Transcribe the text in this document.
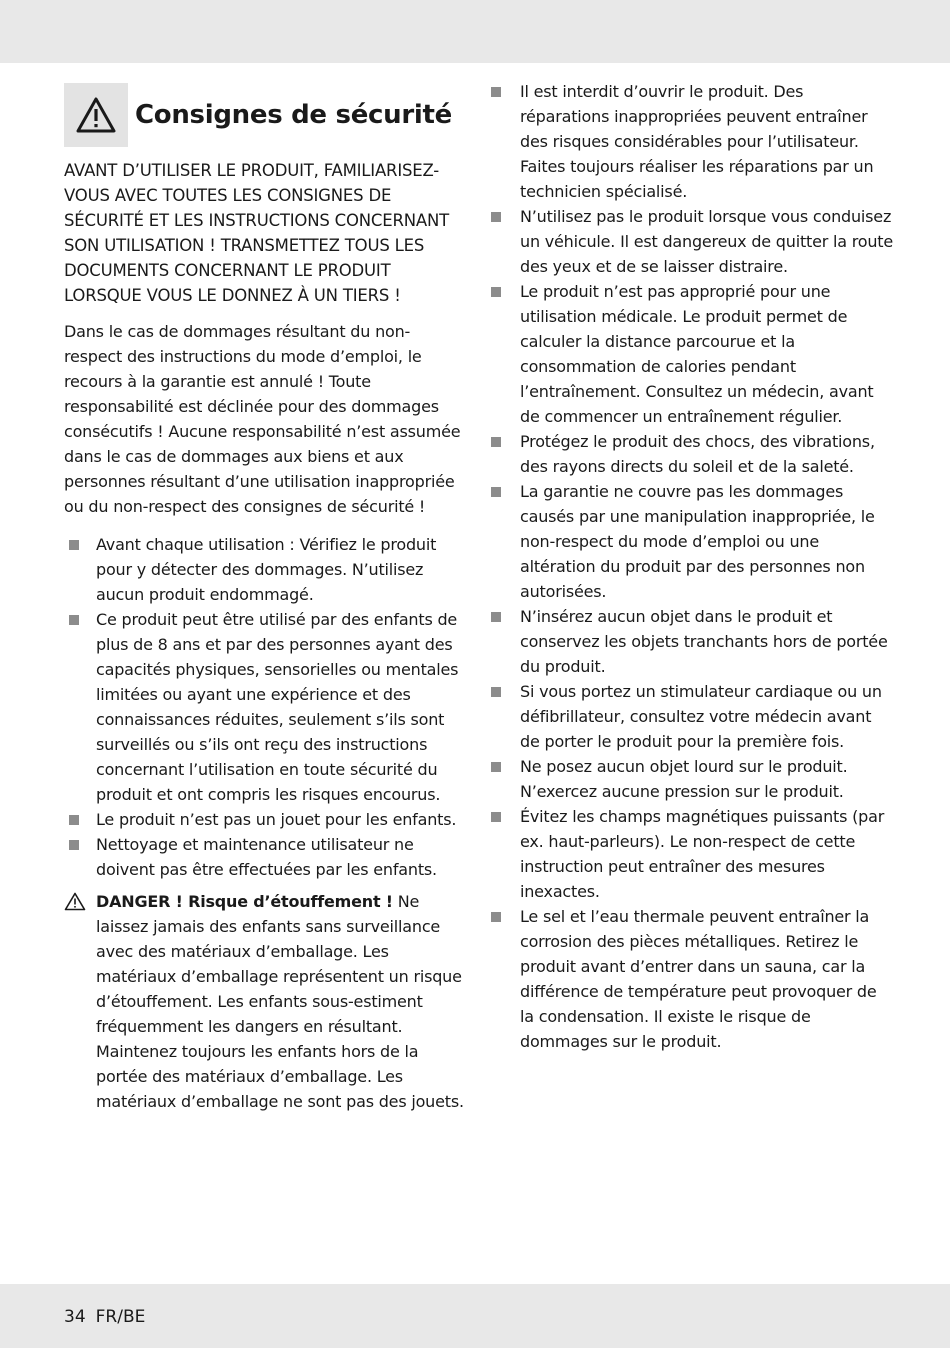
Consignes de sécurité

AVANT D’UTILISER LE PRODUIT, FAMILIARISEZ-VOUS AVEC TOUTES LES CONSIGNES DE SÉCURITÉ ET LES INSTRUCTIONS CONCERNANT SON UTILISATION ! TRANSMETTEZ TOUS LES DOCUMENTS CONCERNANT LE PRODUIT LORSQUE VOUS LE DONNEZ À UN TIERS !

Dans le cas de dommages résultant du non-respect des instructions du mode d’emploi, le recours à la garantie est annulé ! Toute responsabilité est déclinée pour des dommages consécutifs ! Aucune responsabilité n’est assumée dans le cas de dommages aux biens et aux personnes résultant d’une utilisation inappropriée ou du non-respect des consignes de sécurité !

Avant chaque utilisation : Vérifiez le produit pour y détecter des dommages. N’utilisez aucun produit endommagé.
Ce produit peut être utilisé par des enfants de plus de 8 ans et par des personnes ayant des capacités physiques, sensorielles ou mentales limitées ou ayant une expérience et des connaissances réduites, seulement s’ils sont surveillés ou s’ils ont reçu des instructions concernant l’utilisation en toute sécurité du produit et ont compris les risques encourus.
Le produit n’est pas un jouet pour les enfants.
Nettoyage et maintenance utilisateur ne doivent pas être effectuées par les enfants.
DANGER ! Risque d’étouffement ! Ne laissez jamais des enfants sans surveillance avec des matériaux d’emballage. Les matériaux d’emballage représentent un risque d’étouffement. Les enfants sous-estiment fréquemment les dangers en résultant. Maintenez toujours les enfants hors de la portée des matériaux d’emballage. Les matériaux d’emballage ne sont pas des jouets.
Il est interdit d’ouvrir le produit. Des réparations inappropriées peuvent entraîner des risques considérables pour l’utilisateur. Faites toujours réaliser les réparations par un technicien spécialisé.
N’utilisez pas le produit lorsque vous conduisez un véhicule. Il est dangereux de quitter la route des yeux et de se laisser distraire.
Le produit n’est pas approprié pour une utilisation médicale. Le produit permet de calculer la distance parcourue et la consommation de calories pendant l’entraînement. Consultez un médecin, avant de commencer un entraînement régulier.
Protégez le produit des chocs, des vibrations, des rayons directs du soleil et de la saleté.
La garantie ne couvre pas les dommages causés par une manipulation inappropriée, le non-respect du mode d’emploi ou une altération du produit par des personnes non autorisées.
N’insérez aucun objet dans le produit et conservez les objets tranchants hors de portée du produit.
Si vous portez un stimulateur cardiaque ou un défibrillateur, consultez votre médecin avant de porter le produit pour la première fois.
Ne posez aucun objet lourd sur le produit. N’exercez aucune pression sur le produit.
Évitez les champs magnétiques puissants (par ex. haut-parleurs). Le non-respect de cette instruction peut entraîner des mesures inexactes.
Le sel et l’eau thermale peuvent entraîner la corrosion des pièces métalliques. Retirez le produit avant d’entrer dans un sauna, car la différence de température peut provoquer de la condensation. Il existe le risque de dommages sur le produit.
34 FR/BE
